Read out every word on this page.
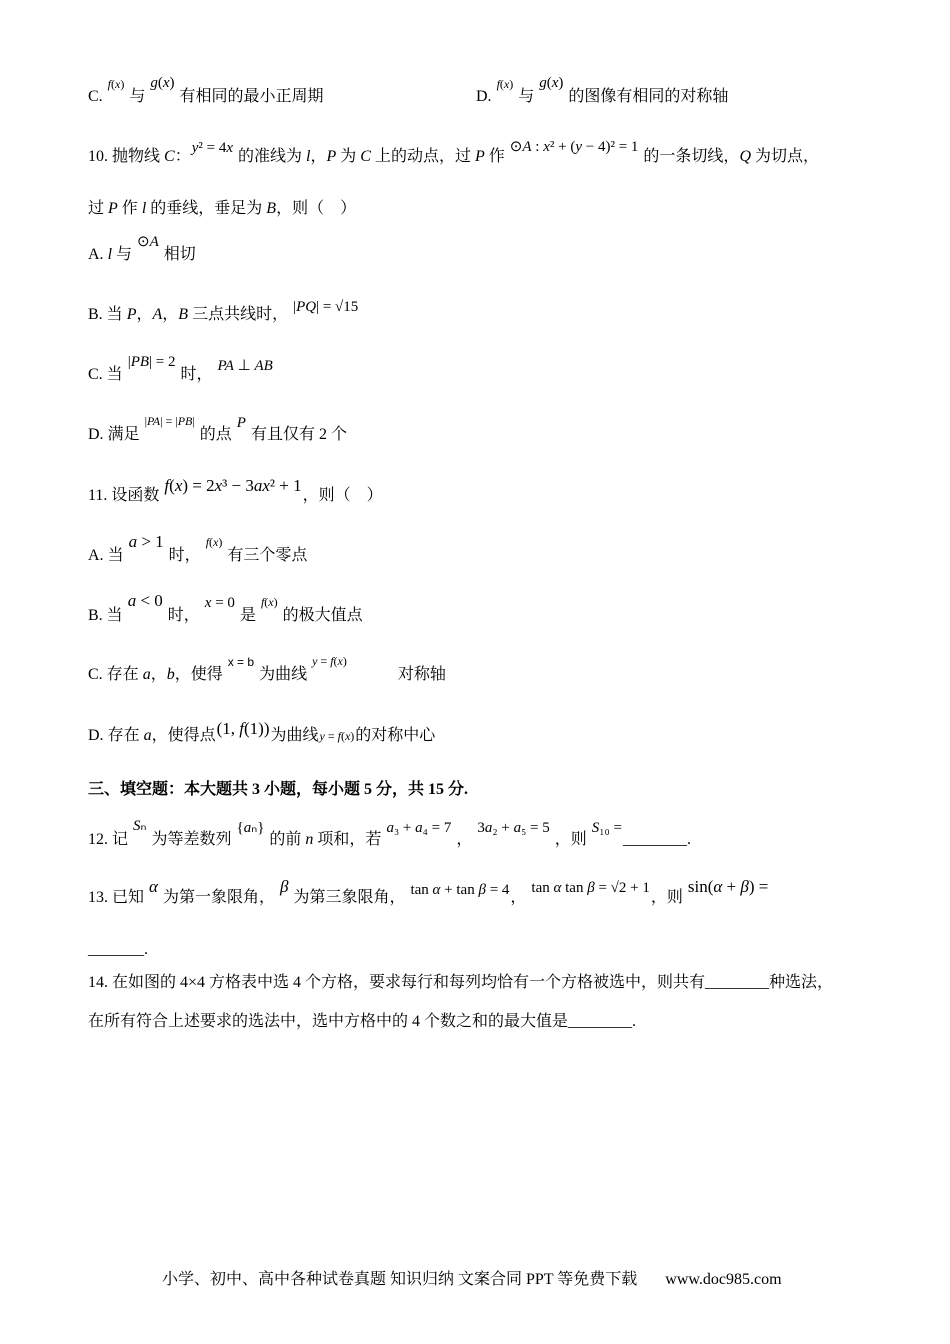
C. f(x) 与 g(x) 有相同的最小正周期	D. f(x) 与 g(x) 的图像有相同的对称轴
10. 抛物线 C：y² = 4x 的准线为 l，P 为 C 上的动点，过 P 作 ⊙A : x² + (y − 4)² = 1 的一条切线，Q 为切点，
过 P 作 l 的垂线，垂足为 B，则（　）
A. l 与 ⊙A 相切
B. 当 P，A，B 三点共线时， |PQ| = √15
C. 当 |PB| = 2 时， PA ⊥ AB
D. 满足 |PA| = |PB| 的点 P 有且仅有 2 个
11. 设函数 f(x) = 2x³ − 3ax² + 1，则（　）
A. 当 a > 1 时， f(x) 有三个零点
B. 当 a < 0 时， x = 0 是 f(x) 的极大值点
C. 存在 a，b，使得 x = b 为曲线 y = f(x) 对称轴
D. 存在 a，使得点(1, f(1))为曲线y = f(x)的对称中心
三、填空题：本大题共 3 小题，每小题 5 分，共 15 分.
12. 记 Sₙ 为等差数列 {aₙ} 的前 n 项和，若 a₃ + a₄ = 7 ， 3a₂ + a₅ = 5 ，则 S₁₀ =________.
13. 已知 α 为第一象限角， β 为第三象限角， tan α + tan β = 4， tan α tan β = √2 + 1，则 sin(α + β) =
_______.
14. 在如图的 4×4 方格表中选 4 个方格，要求每行和每列均恰有一个方格被选中，则共有________种选法，
在所有符合上述要求的选法中，选中方格中的 4 个数之和的最大值是________.
小学、初中、高中各种试卷真题 知识归纳 文案合同 PPT 等免费下载 www.doc985.com
